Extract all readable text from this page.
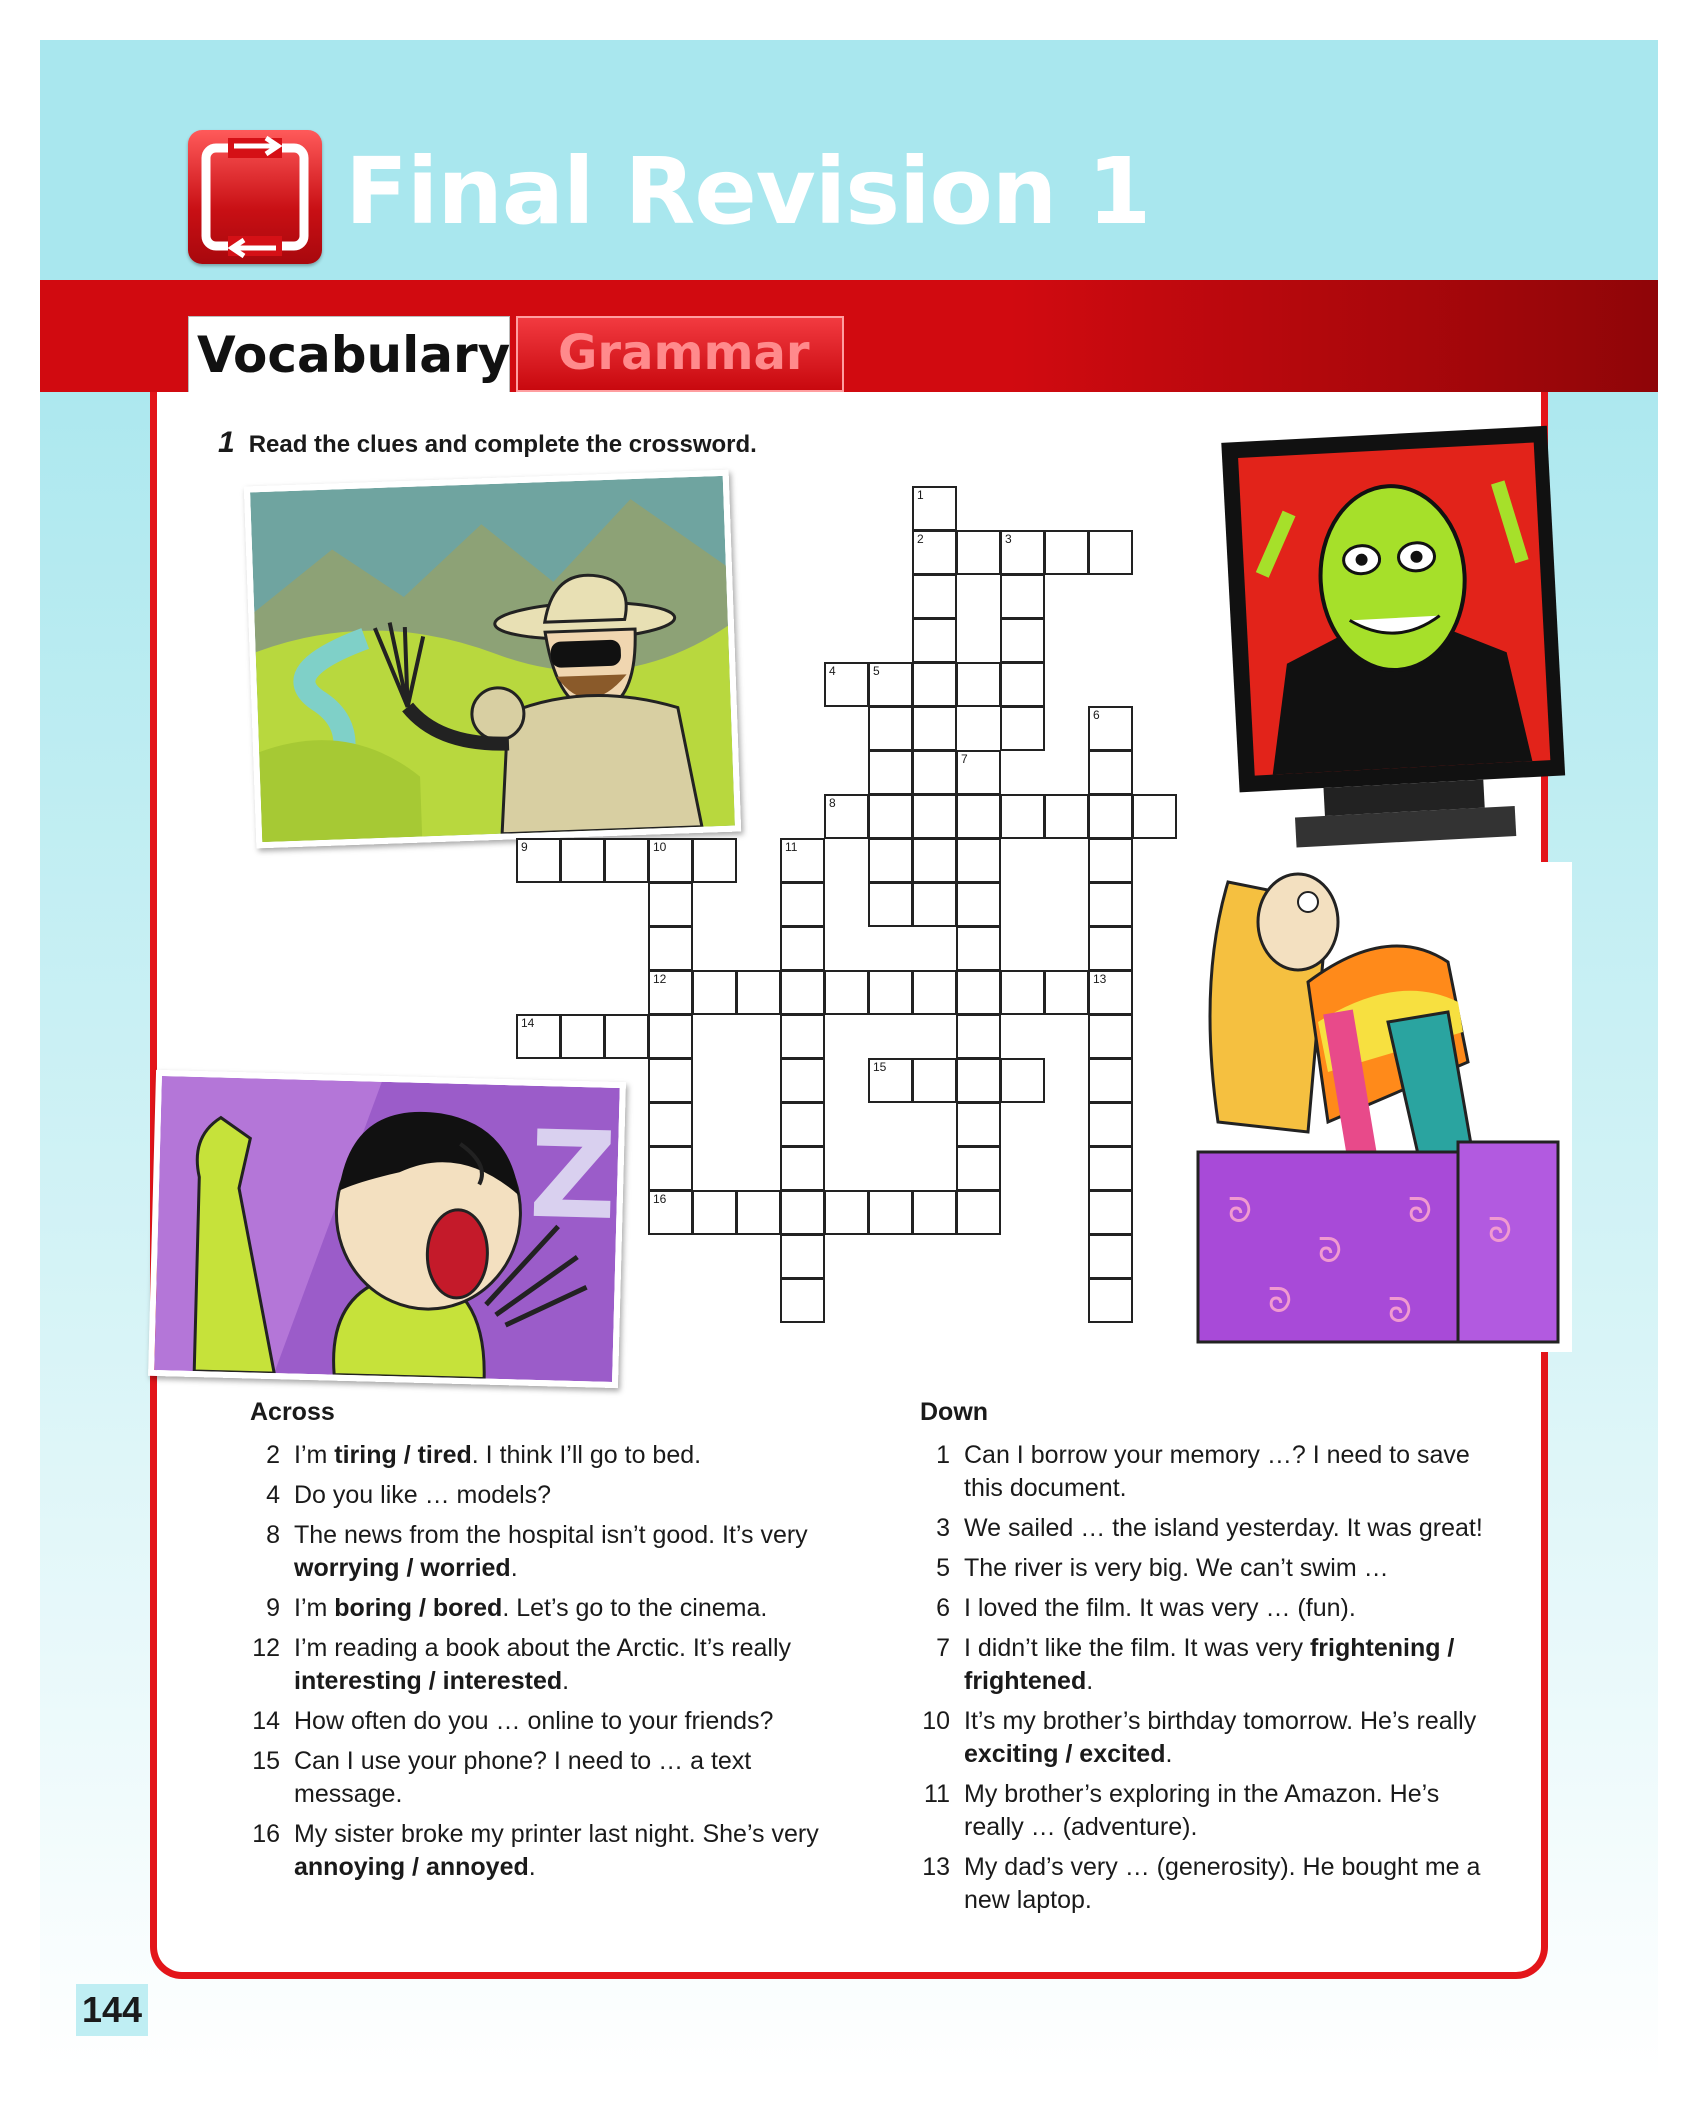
Final Revision 1
Vocabulary Grammar
1 Read the clues and complete the crossword.
Z	ᘐ
ᘐ
ᘐ
ᘐ	ᘐ
ᘐ
2	3
4	5
8
9	10
12	13
14
15
16
1
6
7
11
Across
2 I’m tiring / tired. I think I’ll go to bed.
4 Do you like … models?
8 The news from the hospital isn’t good. It’s very worrying / worried.
9 I’m boring / bored. Let’s go to the cinema.
12 I’m reading a book about the Arctic. It’s really interesting / interested.
14 How often do you … online to your friends?
15 Can I use your phone? I need to … a text message.
16 My sister broke my printer last night. She’s very annoying / annoyed.
Down
1 Can I borrow your memory …? I need to save this document.
3 We sailed … the island yesterday. It was great!
5 The river is very big. We can’t swim …
6 I loved the film. It was very … (fun).
7 I didn’t like the film. It was very frightening / frightened.
10 It’s my brother’s birthday tomorrow. He’s really exciting / excited.
11 My brother’s exploring in the Amazon. He’s really … (adventure).
13 My dad’s very … (generosity). He bought me a new laptop.
144
